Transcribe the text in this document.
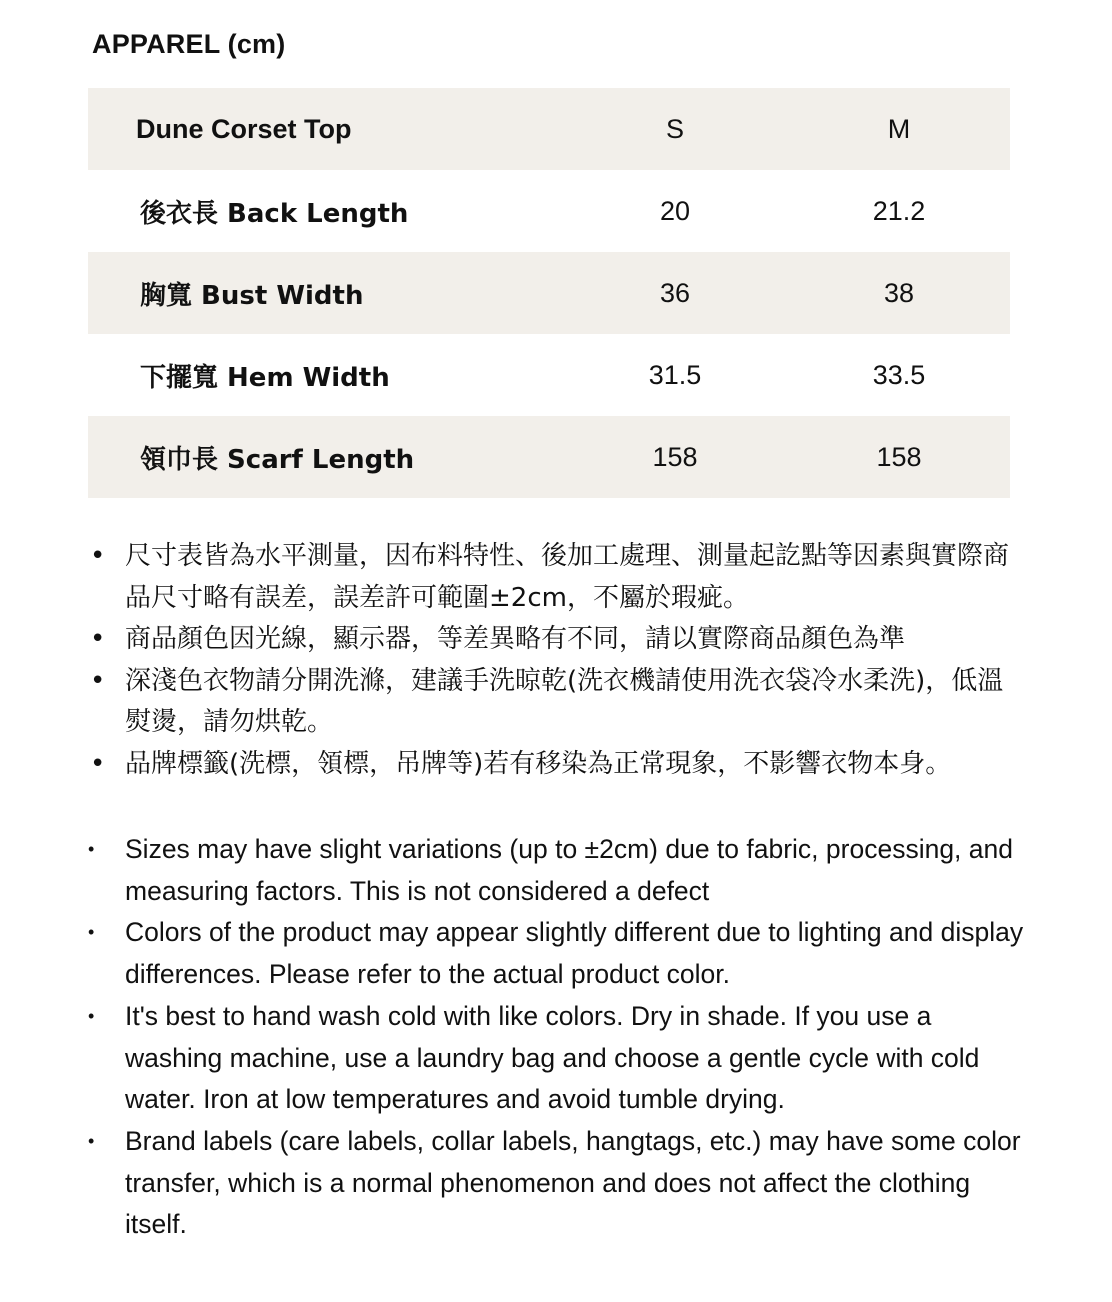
APPAREL (cm)
Dune Corset Top	S	M
後衣長 Back Length	20	21.2
胸寬 Bust Width	36	38
下擺寬 Hem Width	31.5	33.5
領巾長 Scarf Length	158	158
• 尺寸表皆為水平測量，因布料特性、後加工處理、測量起訖點等因素與實際商品尺寸略有誤差，誤差許可範圍±2cm，不屬於瑕疵。
• 商品顏色因光線，顯示器，等差異略有不同，請以實際商品顏色為準
• 深淺色衣物請分開洗滌，建議手洗晾乾(洗衣機請使用洗衣袋冷水柔洗)，低溫熨燙，請勿烘乾。
• 品牌標籤(洗標，領標，吊牌等)若有移染為正常現象，不影響衣物本身。
• Sizes may have slight variations (up to ±2cm) due to fabric, processing, and measuring factors. This is not considered a defect
• Colors of the product may appear slightly different due to lighting and display differences. Please refer to the actual product color.
• It's best to hand wash cold with like colors. Dry in shade. If you use a washing machine, use a laundry bag and choose a gentle cycle with cold water. Iron at low temperatures and avoid tumble drying.
• Brand labels (care labels, collar labels, hangtags, etc.) may have some color transfer, which is a normal phenomenon and does not affect the clothing itself.
